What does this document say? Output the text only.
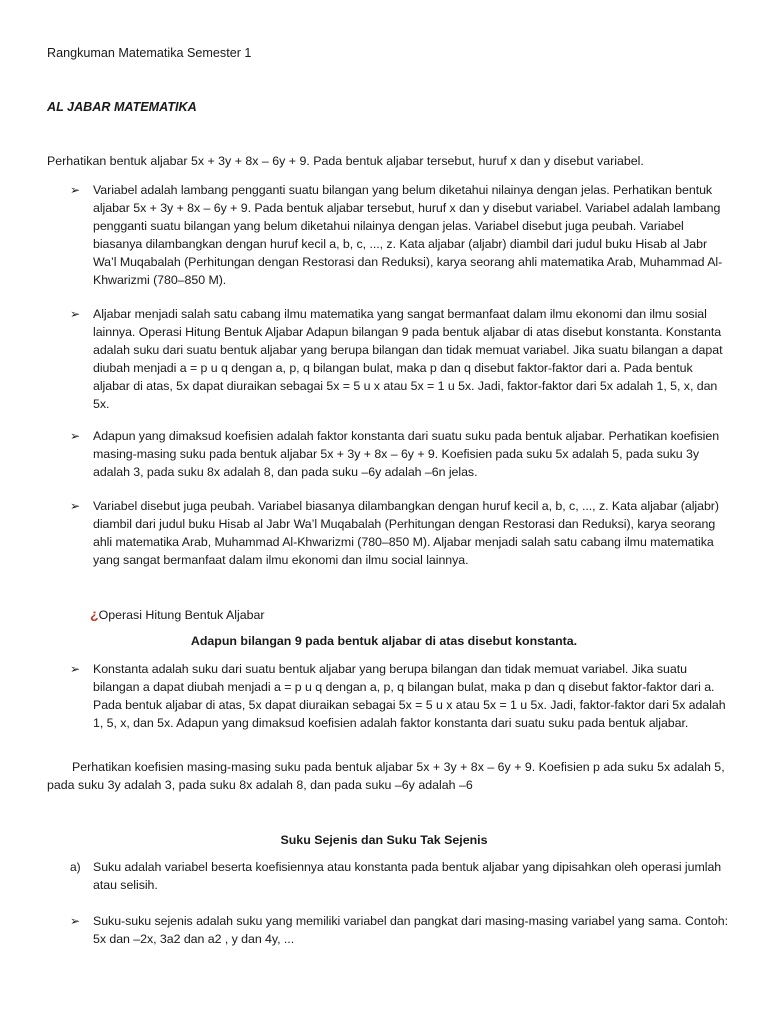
Rangkuman Matematika Semester 1
AL JABAR MATEMATIKA
Perhatikan bentuk aljabar 5x + 3y + 8x – 6y + 9. Pada bentuk aljabar tersebut, huruf x dan y disebut variabel.
➢	Variabel adalah lambang pengganti suatu bilangan yang belum diketahui nilainya dengan jelas. Perhatikan bentuk aljabar 5x + 3y + 8x – 6y + 9. Pada bentuk aljabar tersebut, huruf x dan y disebut variabel. Variabel adalah lambang pengganti suatu bilangan yang belum diketahui nilainya dengan jelas. Variabel disebut juga peubah. Variabel biasanya dilambangkan dengan huruf kecil a, b, c, ..., z. Kata aljabar (aljabr) diambil dari judul buku Hisab al Jabr Wa’l Muqabalah (Perhitungan dengan Restorasi dan Reduksi), karya seorang ahli matematika Arab, Muhammad Al-Khwarizmi (780–850 M).
➢	Aljabar menjadi salah satu cabang ilmu matematika yang sangat bermanfaat dalam ilmu ekonomi dan ilmu sosial lainnya. Operasi Hitung Bentuk Aljabar Adapun bilangan 9 pada bentuk aljabar di atas disebut konstanta. Konstanta adalah suku dari suatu bentuk aljabar yang berupa bilangan dan tidak memuat variabel. Jika suatu bilangan a dapat diubah menjadi a = p u q dengan a, p, q bilangan bulat, maka p dan q disebut faktor-faktor dari a. Pada bentuk aljabar di atas, 5x dapat diuraikan sebagai 5x = 5 u x atau 5x = 1 u 5x. Jadi, faktor-faktor dari 5x adalah 1, 5, x, dan 5x.
➢	Adapun yang dimaksud koefisien adalah faktor konstanta dari suatu suku pada bentuk aljabar. Perhatikan koefisien masing-masing suku pada bentuk aljabar 5x + 3y + 8x – 6y + 9. Koefisien pada suku 5x adalah 5, pada suku 3y adalah 3, pada suku 8x adalah 8, dan pada suku –6y adalah –6n jelas.
➢	Variabel disebut juga peubah. Variabel biasanya dilambangkan dengan huruf kecil a, b, c, ..., z. Kata aljabar (aljabr) diambil dari judul buku Hisab al Jabr Wa’l Muqabalah (Perhitungan dengan Restorasi dan Reduksi), karya seorang ahli matematika Arab, Muhammad Al-Khwarizmi (780–850 M). Aljabar menjadi salah satu cabang ilmu matematika yang sangat bermanfaat dalam ilmu ekonomi dan ilmu social lainnya.
¿Operasi Hitung Bentuk Aljabar
Adapun bilangan 9 pada bentuk aljabar di atas disebut konstanta.
➢	Konstanta adalah suku dari suatu bentuk aljabar yang berupa bilangan dan tidak memuat variabel. Jika suatu bilangan a dapat diubah menjadi a = p u q dengan a, p, q bilangan bulat, maka p dan q disebut faktor-faktor dari a. Pada bentuk aljabar di atas, 5x dapat diuraikan sebagai 5x = 5 u x atau 5x = 1 u 5x. Jadi, faktor-faktor dari 5x adalah 1, 5, x, dan 5x. Adapun yang dimaksud koefisien adalah faktor konstanta dari suatu suku pada bentuk aljabar.
Perhatikan koefisien masing-masing suku pada bentuk aljabar 5x + 3y + 8x – 6y + 9. Koefisien p ada suku 5x adalah 5, pada suku 3y adalah 3, pada suku 8x adalah 8, dan pada suku –6y adalah –6
Suku Sejenis dan Suku Tak Sejenis
a) Suku adalah variabel beserta koefisiennya atau konstanta pada bentuk aljabar yang dipisahkan oleh operasi jumlah atau selisih.
➢	Suku-suku sejenis adalah suku yang memiliki variabel dan pangkat dari masing-masing variabel yang sama. Contoh: 5x dan –2x, 3a2 dan a2 , y dan 4y, ...
